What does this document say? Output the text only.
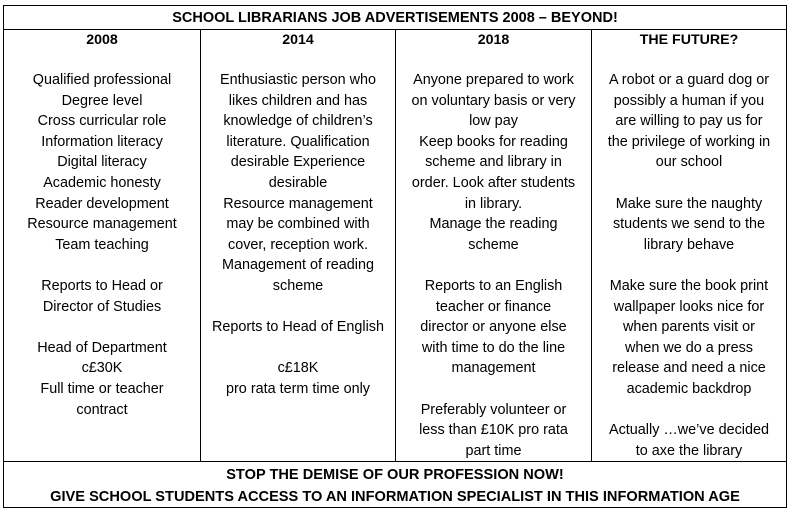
SCHOOL LIBRARIANS JOB ADVERTISEMENTS 2008 – BEYOND!
2008
Qualified professional
Degree level
Cross curricular role
Information literacy
Digital literacy
Academic honesty
Reader development
Resource management
Team teaching
Reports to Head or
Director of Studies
Head of Department
c£30K
Full time or teacher
contract
2014
Enthusiastic person who
likes children and has
knowledge of children’s
literature. Qualification
desirable Experience
desirable
Resource management
may be combined with
cover, reception work.
Management of reading
scheme
Reports to Head of English
c£18K
pro rata term time only
2018
Anyone prepared to work
on voluntary basis or very
low pay
Keep books for reading
scheme and library in
order. Look after students
in library.
Manage the reading
scheme
Reports to an English
teacher or finance
director or anyone else
with time to do the line
management
Preferably volunteer or
less than £10K pro rata
part time
THE FUTURE?
A robot or a guard dog or
possibly a human if you
are willing to pay us for
the privilege of working in
our school
Make sure the naughty
students we send to the
library behave
Make sure the book print
wallpaper looks nice for
when parents visit or
when we do a press
release and need a nice
academic backdrop
Actually …we’ve decided
to axe the library
STOP THE DEMISE OF OUR PROFESSION NOW!
GIVE SCHOOL STUDENTS ACCESS TO AN INFORMATION SPECIALIST IN THIS INFORMATION AGE
